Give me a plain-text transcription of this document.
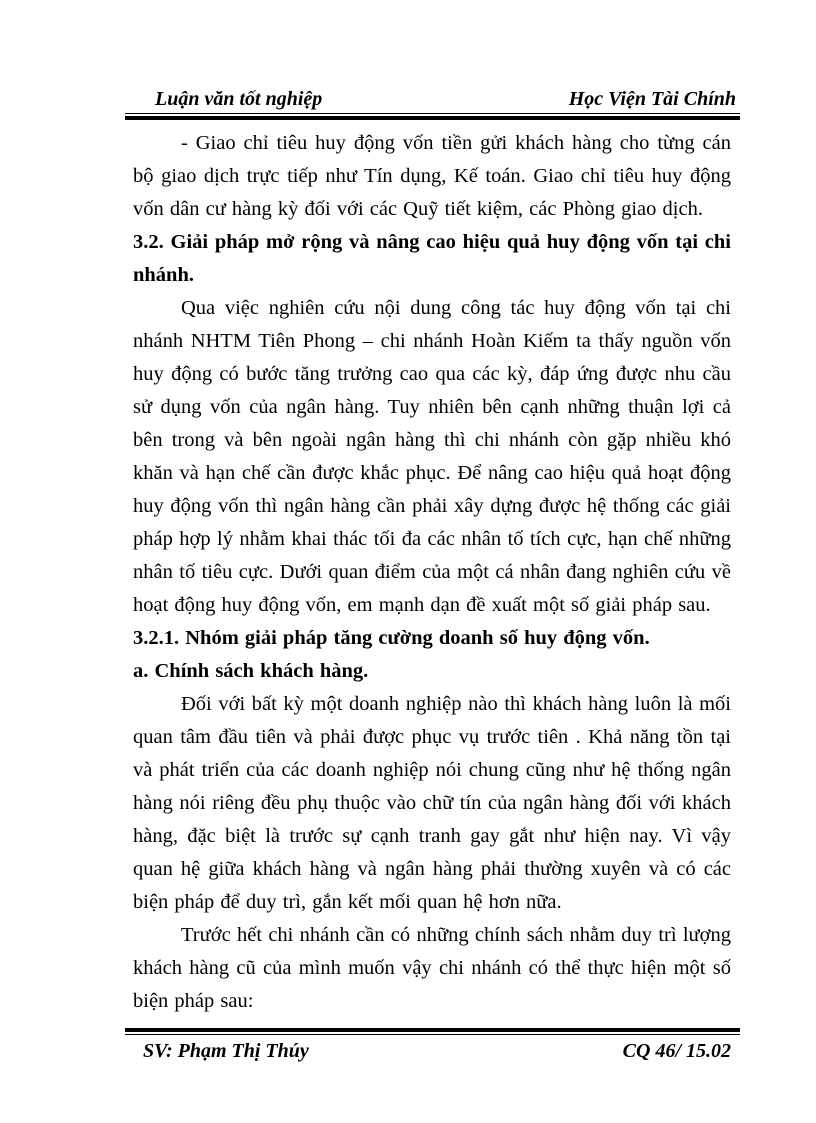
Luận văn tốt nghiệp	Học Viện Tài Chính

- Giao chỉ tiêu huy động vốn tiền gửi khách hàng cho từng cán bộ giao dịch trực tiếp như Tín dụng, Kế toán. Giao chỉ tiêu huy động vốn dân cư hàng kỳ đối với các Quỹ tiết kiệm, các Phòng giao dịch.

3.2. Giải pháp mở rộng và nâng cao hiệu quả huy động vốn tại chi nhánh.

Qua việc nghiên cứu nội dung công tác huy động vốn tại chi nhánh NHTM Tiên Phong – chi nhánh Hoàn Kiếm ta thấy nguồn vốn huy động có bước tăng trưởng cao qua các kỳ, đáp ứng được nhu cầu sử dụng vốn của ngân hàng. Tuy nhiên bên cạnh những thuận lợi cả bên trong và bên ngoài ngân hàng thì chi nhánh còn gặp nhiều khó khăn và hạn chế cần được khắc phục. Để nâng cao hiệu quả hoạt động huy động vốn thì ngân hàng cần phải xây dựng được hệ thống các giải pháp hợp lý nhằm khai thác tối đa các nhân tố tích cực, hạn chế những nhân tố tiêu cực. Dưới quan điểm của một cá nhân đang nghiên cứu về hoạt động huy động vốn, em mạnh dạn đề xuất một số giải pháp sau.

3.2.1. Nhóm giải pháp tăng cường doanh số huy động vốn.

a. Chính sách khách hàng.

Đối với bất kỳ một doanh nghiệp nào thì khách hàng luôn là mối quan tâm đầu tiên và phải được phục vụ trước tiên . Khả năng tồn tại và phát triển của các doanh nghiệp nói chung cũng như hệ thống ngân hàng nói riêng đều phụ thuộc vào chữ tín của ngân hàng đối với khách hàng, đặc biệt là trước sự cạnh tranh gay gắt như hiện nay. Vì vậy quan hệ giữa khách hàng và ngân hàng phải thường xuyên và có các biện pháp để duy trì, gắn kết mối quan hệ hơn nữa.

Trước hết chi nhánh cần có những chính sách nhằm duy trì lượng khách hàng cũ của mình muốn vậy chi nhánh có thể thực hiện một số biện pháp sau:

SV: Phạm Thị Thúy	CQ 46/ 15.02
